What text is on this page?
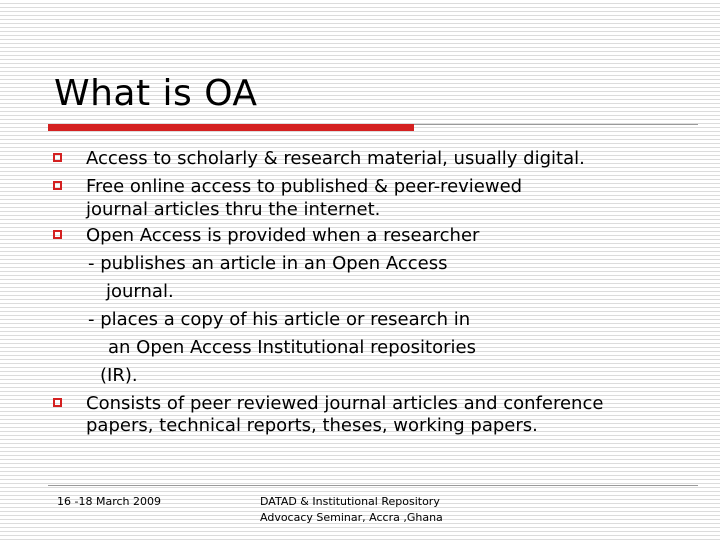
What is OA
Access to scholarly & research material, usually digital.
Free online access to published & peer-reviewed
journal articles thru the internet.
Open Access is provided when a researcher
- publishes an article in an Open Access
journal.
- places a copy of his article or research in
an Open Access Institutional repositories
(IR).
Consists of peer reviewed journal articles and conference
papers, technical reports, theses, working papers.
16 -18 March 2009	DATAD & Institutional Repository
Advocacy Seminar, Accra ,Ghana
